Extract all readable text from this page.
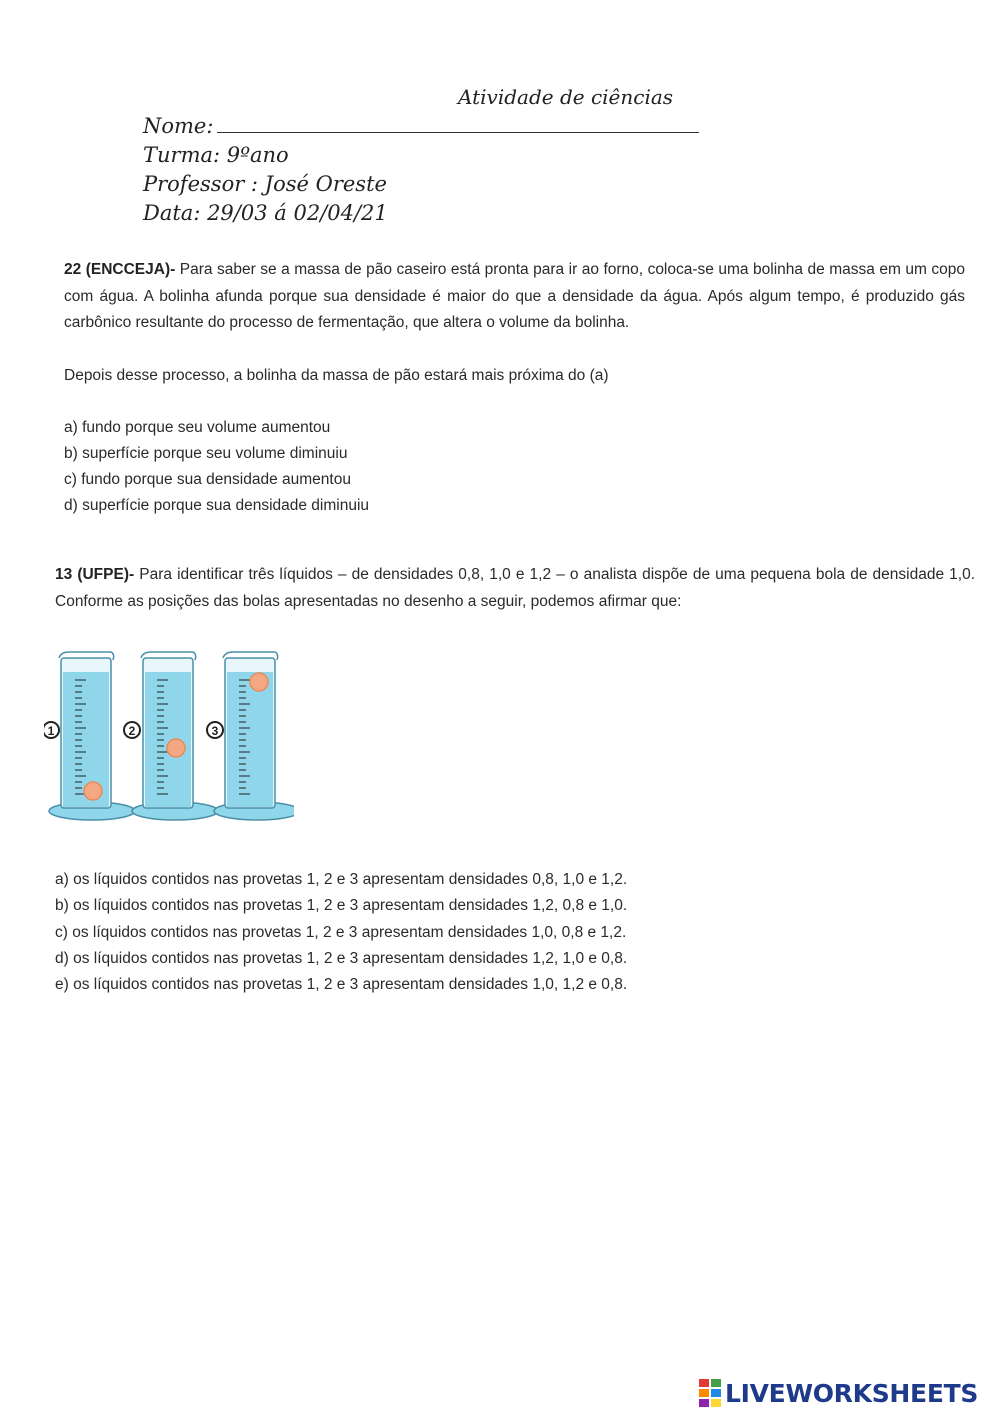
Atividade de ciências
Nome:
Turma: 9ºano
Professor : José Oreste
Data: 29/03 á 02/04/21
22 (ENCCEJA)- Para saber se a massa de pão caseiro está pronta para ir ao forno, coloca-se uma bolinha de massa em um copo com água. A bolinha afunda porque sua densidade é maior do que a densidade da água. Após algum tempo, é produzido gás carbônico resultante do processo de fermentação, que altera o volume da bolinha.
Depois desse processo, a bolinha da massa de pão estará mais próxima do (a)
a) fundo porque seu volume aumentou
b) superfície porque seu volume diminuiu
c) fundo porque sua densidade aumentou
d) superfície porque sua densidade diminuiu
13 (UFPE)- Para identificar três líquidos – de densidades 0,8, 1,0 e 1,2 – o analista dispõe de uma pequena bola de densidade 1,0. Conforme as posições das bolas apresentadas no desenho a seguir, podemos afirmar que:
1	2	3
a) os líquidos contidos nas provetas 1, 2 e 3 apresentam densidades 0,8, 1,0 e 1,2.
b) os líquidos contidos nas provetas 1, 2 e 3 apresentam densidades 1,2, 0,8 e 1,0.
c) os líquidos contidos nas provetas 1, 2 e 3 apresentam densidades 1,0, 0,8 e 1,2.
d) os líquidos contidos nas provetas 1, 2 e 3 apresentam densidades 1,2, 1,0 e 0,8.
e) os líquidos contidos nas provetas 1, 2 e 3 apresentam densidades 1,0, 1,2 e 0,8.
LIVEWORKSHEETS
